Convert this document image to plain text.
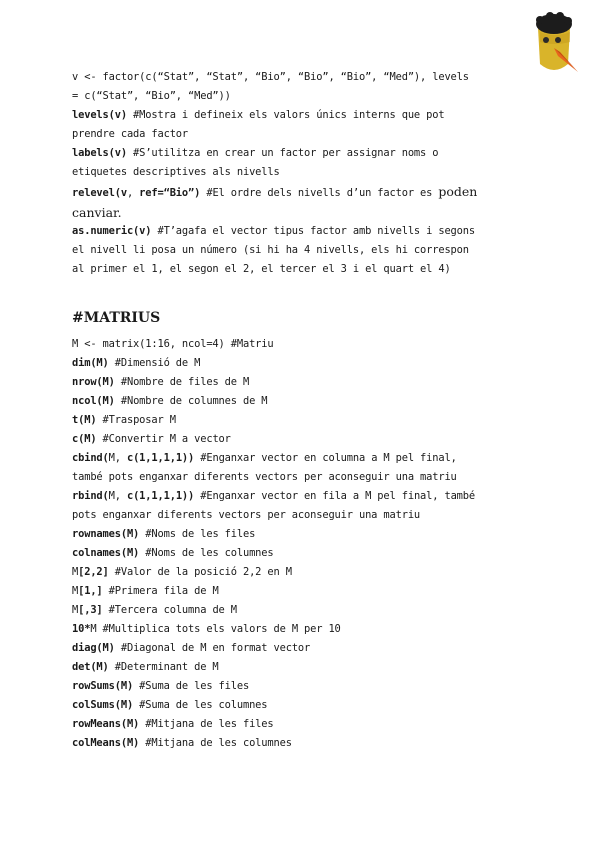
v <- factor(c(“Stat”, “Stat”, “Bio”, “Bio”, “Bio”, “Med”), levels
= c(“Stat”, “Bio”, “Med”))
levels(v) #Mostra i defineix els valors únics interns que pot
prendre cada factor
labels(v) #S’utilitza en crear un factor per assignar noms o
etiquetes descriptives als nivells
relevel(v, ref=“Bio”) #El ordre dels nivells d’un factor es poden
canviar.
as.numeric(v) #T’agafa el vector tipus factor amb nivells i segons
el nivell li posa un número (si hi ha 4 nivells, els hi correspon
al primer el 1, el segon el 2, el tercer el 3 i el quart el 4)
#MATRIUS
M <- matrix(1:16, ncol=4) #Matriu
dim(M) #Dimensió de M
nrow(M) #Nombre de files de M
ncol(M) #Nombre de columnes de M
t(M) #Trasposar M
c(M) #Convertir M a vector
cbind(M, c(1,1,1,1)) #Enganxar vector en columna a M pel final,
també pots enganxar diferents vectors per aconseguir una matriu
rbind(M, c(1,1,1,1)) #Enganxar vector en fila a M pel final, també
pots enganxar diferents vectors per aconseguir una matriu
rownames(M) #Noms de les files
colnames(M) #Noms de les columnes
M[2,2] #Valor de la posició 2,2 en M
M[1,] #Primera fila de M
M[,3] #Tercera columna de M
10*M #Multiplica tots els valors de M per 10
diag(M) #Diagonal de M en format vector
det(M) #Determinant de M
rowSums(M) #Suma de les files
colSums(M) #Suma de les columnes
rowMeans(M) #Mitjana de les files
colMeans(M) #Mitjana de les columnes
